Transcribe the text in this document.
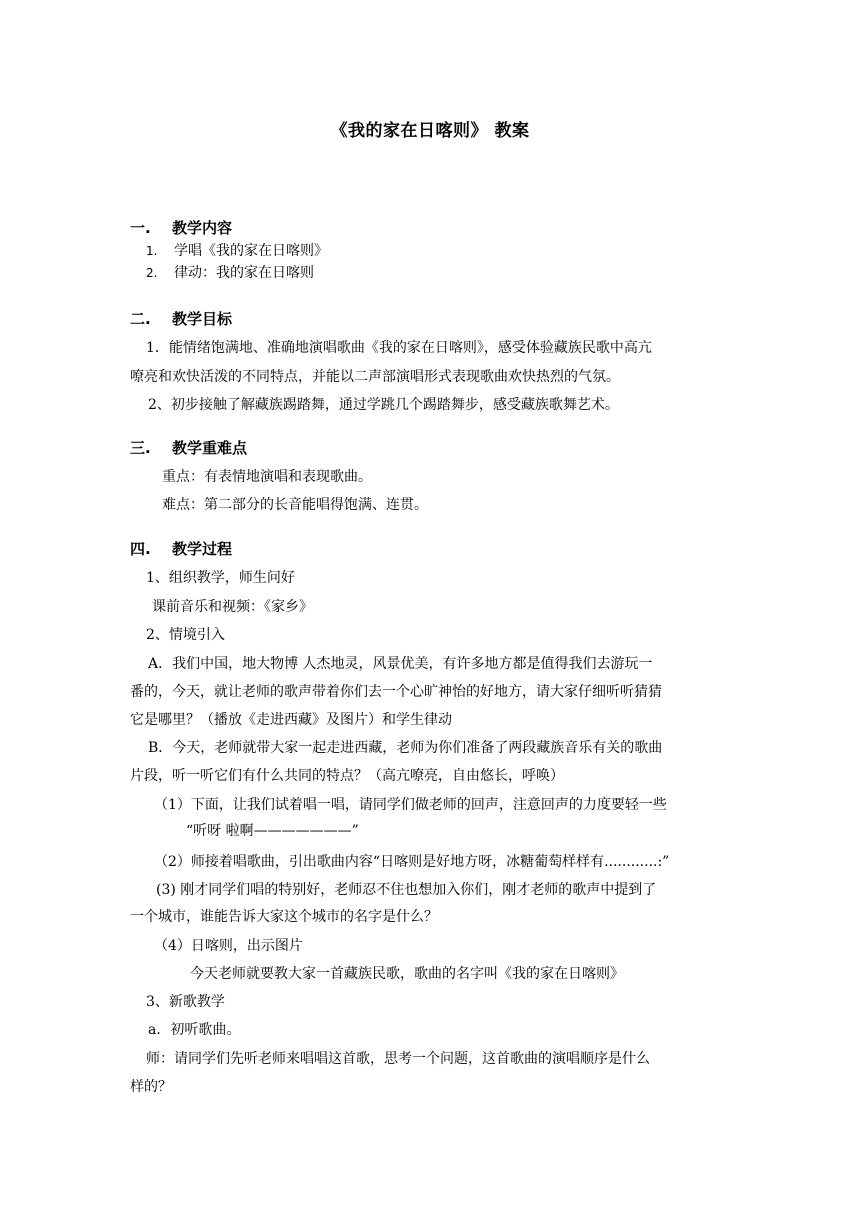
《我的家在日喀则》 教案
一. 教学内容
1. 学唱《我的家在日喀则》
2. 律动：我的家在日喀则
二. 教学目标
1．能情绪饱满地、准确地演唱歌曲《我的家在日喀则》，感受体验藏族民歌中高亢
嘹亮和欢快活泼的不同特点，并能以二声部演唱形式表现歌曲欢快热烈的气氛。
2、初步接触了解藏族踢踏舞，通过学跳几个踢踏舞步，感受藏族歌舞艺术。
三. 教学重难点
重点：有表情地演唱和表现歌曲。
难点：第二部分的长音能唱得饱满、连贯。
四. 教学过程
1、组织教学，师生问好
课前音乐和视频：《家乡》
2、情境引入
A．我们中国，地大物博 人杰地灵，风景优美，有许多地方都是值得我们去游玩一
番的，今天，就让老师的歌声带着你们去一个心旷神怡的好地方，请大家仔细听听猜猜
它是哪里？（播放《走进西藏》及图片）和学生律动
B．今天，老师就带大家一起走进西藏，老师为你们准备了两段藏族音乐有关的歌曲
片段，听一听它们有什么共同的特点？（高亢嘹亮，自由悠长，呼唤）
（1）下面，让我们试着唱一唱，请同学们做老师的回声，注意回声的力度要轻一些
“听呀 啦啊———————”
（2）师接着唱歌曲，引出歌曲内容“日喀则是好地方呀，冰糖葡萄样样有............:”
(3) 刚才同学们唱的特别好，老师忍不住也想加入你们，刚才老师的歌声中提到了
一个城市，谁能告诉大家这个城市的名字是什么？
（4）日喀则，出示图片
今天老师就要教大家一首藏族民歌，歌曲的名字叫《我的家在日喀则》
3、新歌教学
a．初听歌曲。
师：请同学们先听老师来唱唱这首歌，思考一个问题，这首歌曲的演唱顺序是什么
样的？
